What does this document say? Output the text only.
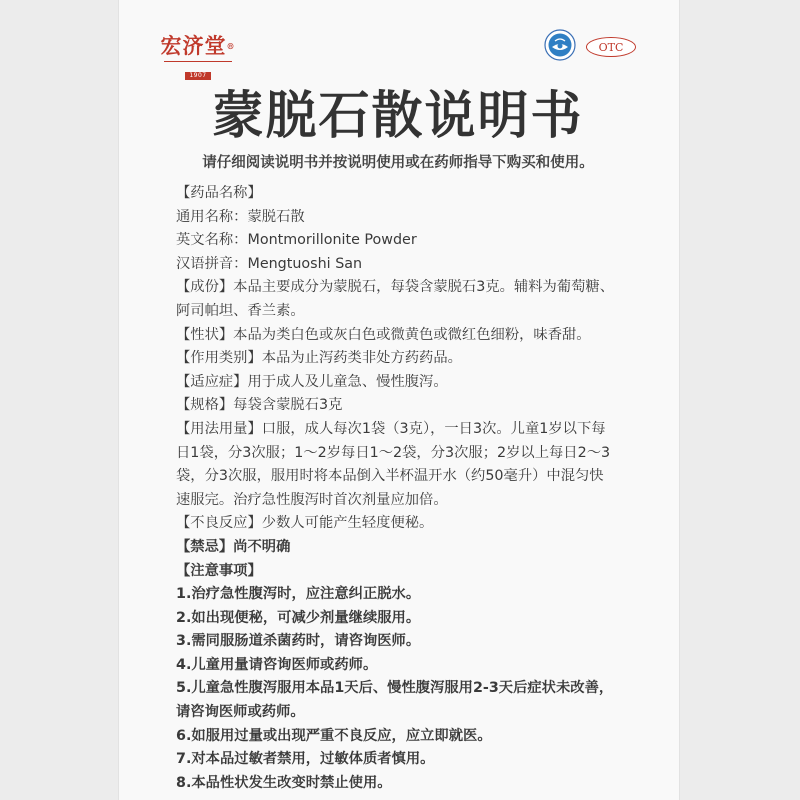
宏济堂®
1907
OTC
蒙脱石散说明书
请仔细阅读说明书并按说明使用或在药师指导下购买和使用。

【药品名称】

通用名称：蒙脱石散

英文名称：Montmorillonite Powder

汉语拼音：Mengtuoshi San

【成份】本品主要成分为蒙脱石，每袋含蒙脱石3克。辅料为葡萄糖、

阿司帕坦、香兰素。

【性状】本品为类白色或灰白色或微黄色或微红色细粉，味香甜。

【作用类别】本品为止泻药类非处方药药品。

【适应症】用于成人及儿童急、慢性腹泻。

【规格】每袋含蒙脱石3克

【用法用量】口服，成人每次1袋（3克），一日3次。儿童1岁以下每

日1袋，分3次服；1～2岁每日1～2袋，分3次服；2岁以上每日2～3

袋，分3次服，服用时将本品倒入半杯温开水（约50毫升）中混匀快

速服完。治疗急性腹泻时首次剂量应加倍。

【不良反应】少数人可能产生轻度便秘。

【禁忌】尚不明确

【注意事项】

1.治疗急性腹泻时，应注意纠正脱水。

2.如出现便秘，可减少剂量继续服用。

3.需同服肠道杀菌药时，请咨询医师。

4.儿童用量请咨询医师或药师。

5.儿童急性腹泻服用本品1天后、慢性腹泻服用2-3天后症状未改善，

请咨询医师或药师。

6.如服用过量或出现严重不良反应，应立即就医。

7.对本品过敏者禁用，过敏体质者慎用。

8.本品性状发生改变时禁止使用。
